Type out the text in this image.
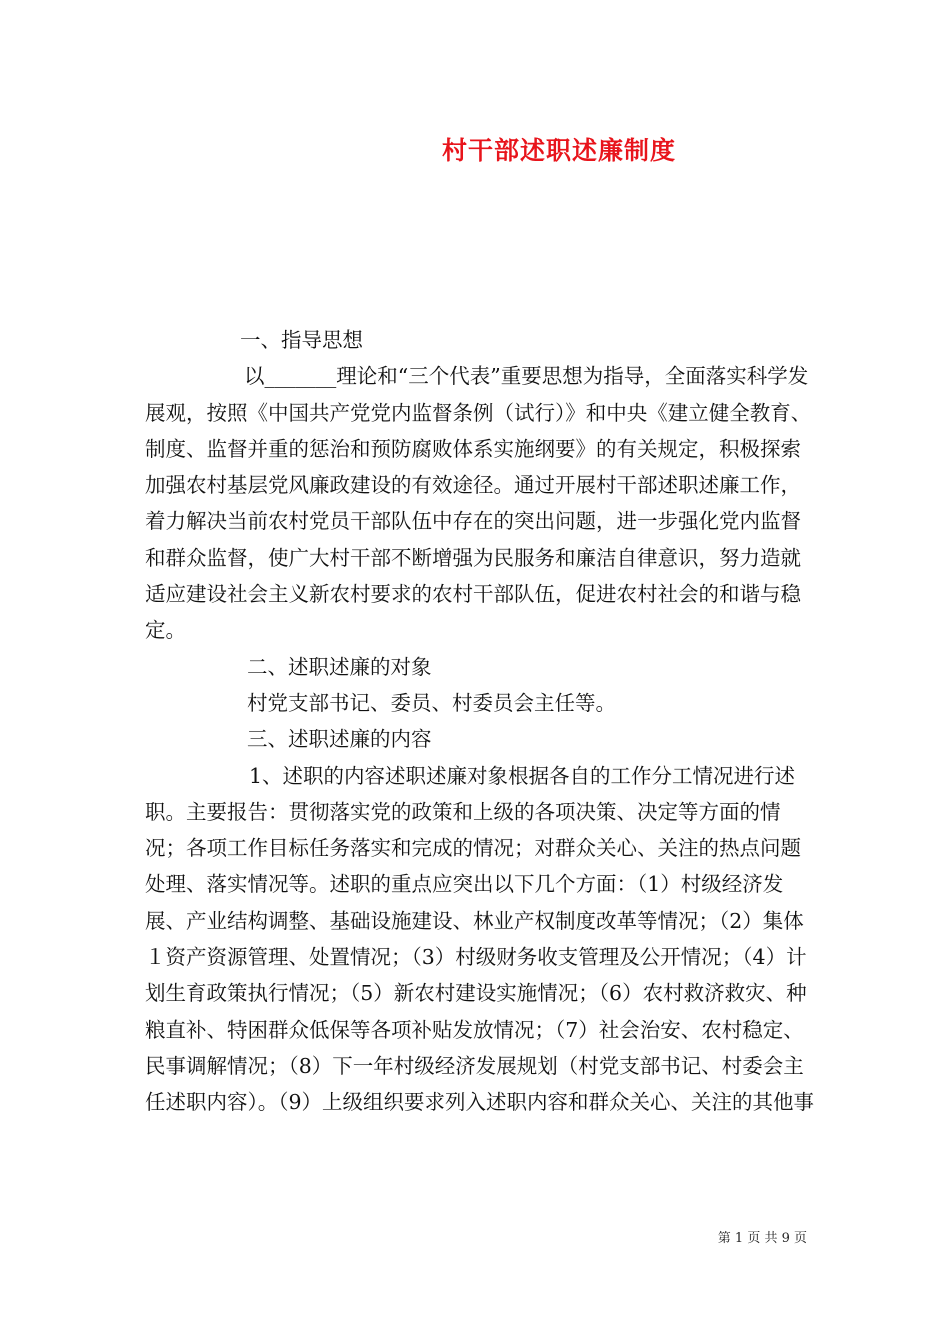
村干部述职述廉制度

一、指导思想

以_______理论和“三个代表”重要思想为指导，全面落实科学发展观，按照《中国共产党党内监督条例（试行）》和中央《建立健全教育、制度、监督并重的惩治和预防腐败体系实施纲要》的有关规定，积极探索加强农村基层党风廉政建设的有效途径。通过开展村干部述职述廉工作，着力解决当前农村党员干部队伍中存在的突出问题，进一步强化党内监督和群众监督，使广大村干部不断增强为民服务和廉洁自律意识，努力造就适应建设社会主义新农村要求的农村干部队伍，促进农村社会的和谐与稳定。

二、述职述廉的对象

村党支部书记、委员、村委员会主任等。

三、述职述廉的内容

1、述职的内容述职述廉对象根据各自的工作分工情况进行述职。主要报告：贯彻落实党的政策和上级的各项决策、决定等方面的情况；各项工作目标任务落实和完成的情况；对群众关心、关注的热点问题处理、落实情况等。述职的重点应突出以下几个方面：（1）村级经济发展、产业结构调整、基础设施建设、林业产权制度改革等情况；（2）集体１资产资源管理、处置情况；（3）村级财务收支管理及公开情况；（4）计划生育政策执行情况；（5）新农村建设实施情况；（6）农村救济救灾、种粮直补、特困群众低保等各项补贴发放情况；（7）社会治安、农村稳定、民事调解情况；（8）下一年村级经济发展规划（村党支部书记、村委会主任述职内容）。（9）上级组织要求列入述职内容和群众关心、关注的其他事

第 1 页 共 9 页
